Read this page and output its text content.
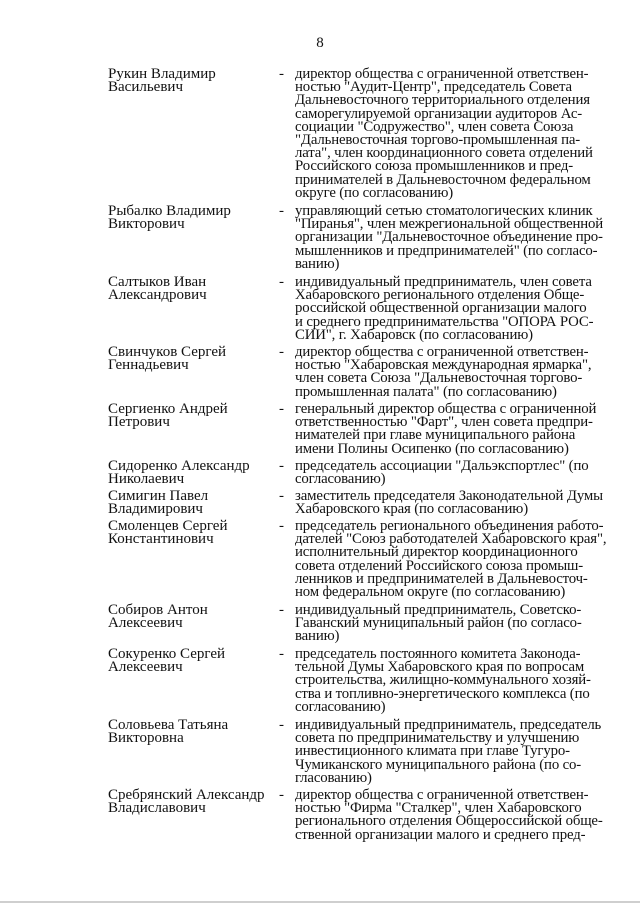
8
Рукин Владимир
Васильевич
- директор общества с ограниченной ответствен-
ностью "Аудит-Центр", председатель Совета
Дальневосточного территориального отделения
саморегулируемой организации аудиторов Ас-
социации "Содружество", член совета Союза
"Дальневосточная торгово-промышленная па-
лата", член координационного совета отделений
Российского союза промышленников и пред-
принимателей в Дальневосточном федеральном
округе (по согласованию)
Рыбалко Владимир
Викторович
- управляющий сетью стоматологических клиник
"Пиранья", член межрегиональной общественной
организации "Дальневосточное объединение про-
мышленников и предпринимателей" (по согласо-
ванию)
Салтыков Иван
Александрович
- индивидуальный предприниматель, член совета
Хабаровского регионального отделения Обще-
российской общественной организации малого
и среднего предпринимательства "ОПОРА РОС-
СИИ", г. Хабаровск (по согласованию)
Свинчуков Сергей
Геннадьевич
- директор общества с ограниченной ответствен-
ностью "Хабаровская международная ярмарка",
член совета Союза "Дальневосточная торгово-
промышленная палата" (по согласованию)
Сергиенко Андрей
Петрович
- генеральный директор общества с ограниченной
ответственностью "Фарт", член совета предпри-
нимателей при главе муниципального района
имени Полины Осипенко (по согласованию)
Сидоренко Александр
Николаевич
- председатель ассоциации "Дальэкспортлес" (по
согласованию)
Симигин Павел
Владимирович
- заместитель председателя Законодательной Думы
Хабаровского края (по согласованию)
Смоленцев Сергей
Константинович
- председатель регионального объединения работо-
дателей "Союз работодателей Хабаровского края",
исполнительный директор координационного
совета отделений Российского союза промыш-
ленников и предпринимателей в Дальневосточ-
ном федеральном округе (по согласованию)
Собиров Антон
Алексеевич
- индивидуальный предприниматель, Советско-
Гаванский муниципальный район (по согласо-
ванию)
Сокуренко Сергей
Алексеевич
- председатель постоянного комитета Законода-
тельной Думы Хабаровского края по вопросам
строительства, жилищно-коммунального хозяй-
ства и топливно-энергетического комплекса (по
согласованию)
Соловьева Татьяна
Викторовна
- индивидуальный предприниматель, председатель
совета по предпринимательству и улучшению
инвестиционного климата при главе Тугуро-
Чумиканского муниципального района (по со-
гласованию)
Сребрянский Александр
Владиславович
- директор общества с ограниченной ответствен-
ностью "Фирма "Сталкер", член Хабаровского
регионального отделения Общероссийской обще-
ственной организации малого и среднего пред-
